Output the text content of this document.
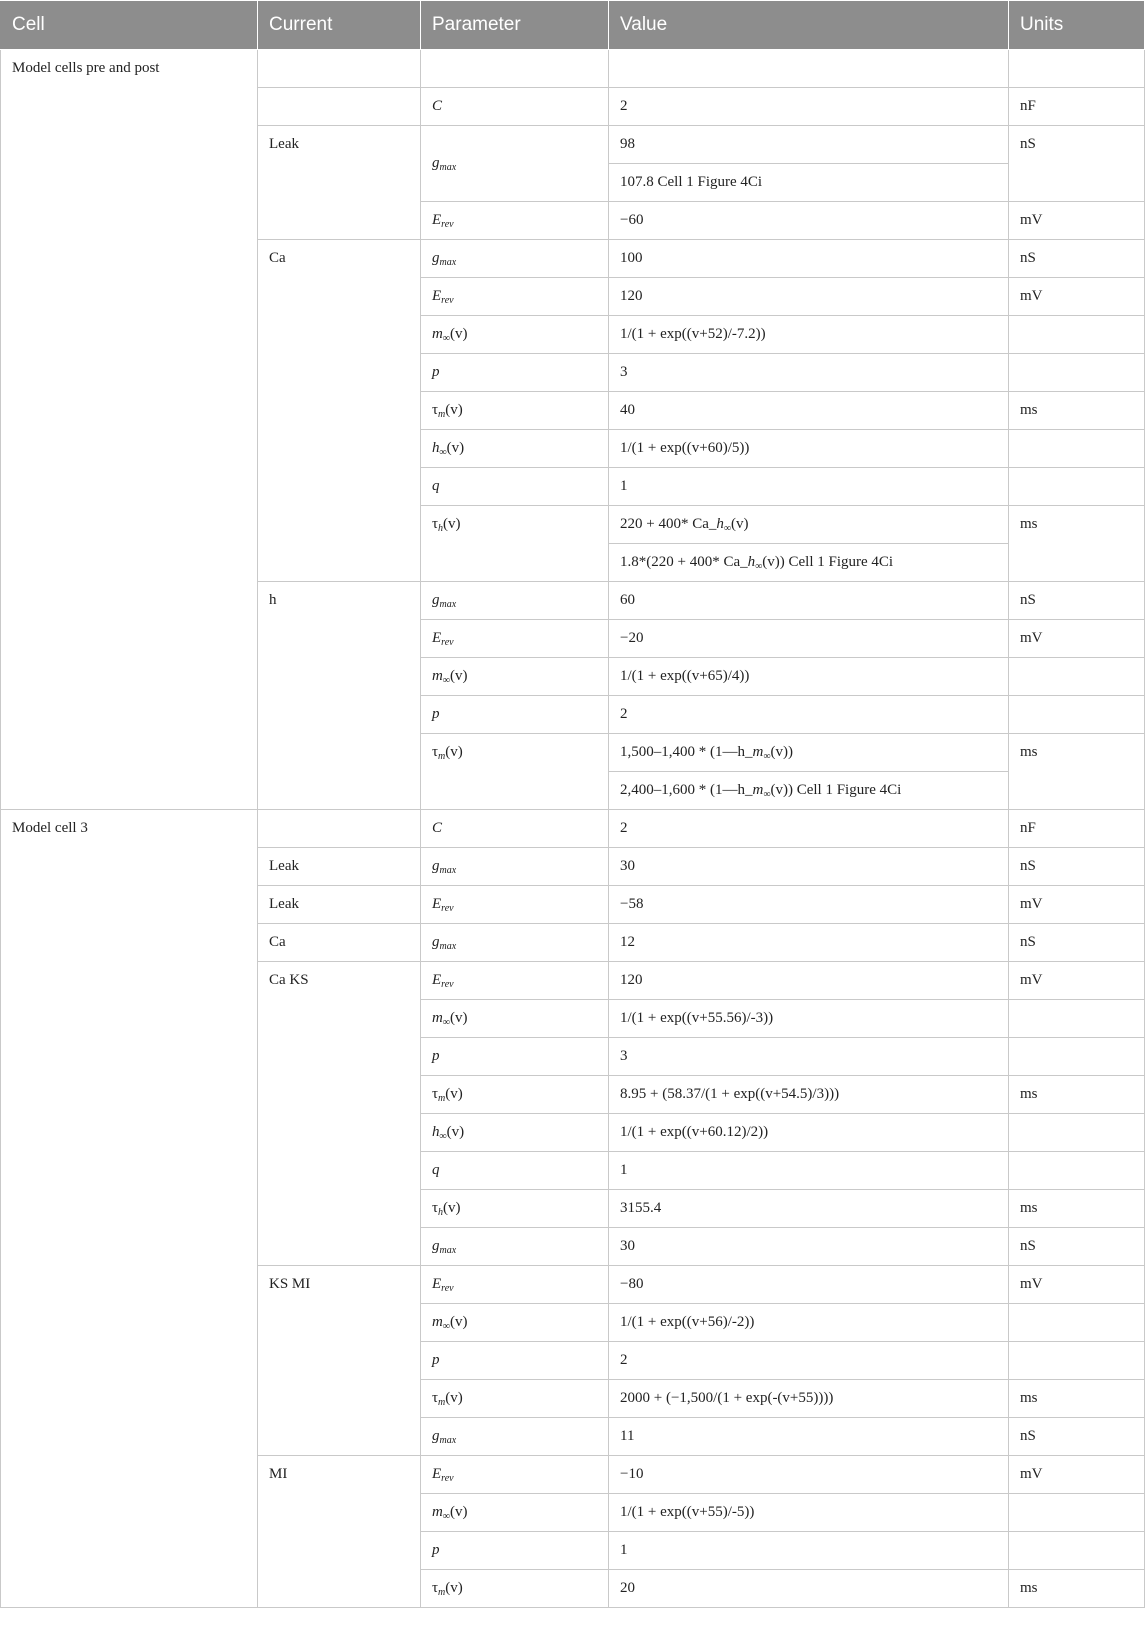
Cell	Current	Parameter	Value	Units
Model cells pre and post				
		C	2	nF
	Leak	$g_{max}$	98	nS
			107.8 Cell 1 Figure 4Ci	
		$E_{rev}$	−60	mV
	Ca	$g_{max}$	100	nS
		$E_{rev}$	120	mV
		$m_\infty(v)$	1/(1 + exp((v+52)/-7.2))	
		p	3	
		$\tau_m(v)$	40	ms
		$h_\infty(v)$	1/(1 + exp((v+60)/5))	
		q	1	
		$\tau_h(v)$	220 + 400* $Ca\_h_\infty(v)$	ms
			1.8*(220 + 400* $Ca\_h_\infty(v)$) Cell 1 Figure 4Ci	
	h	$g_{max}$	60	nS
		$E_{rev}$	−20	mV
		$m_\infty(v)$	1/(1 + exp((v+65)/4))	
		p	2	
		$\tau_m(v)$	$1,500-1,400 * (1—h\_m_\infty(v))$	ms
			$2,400-1,600 * (1—h\_m_\infty(v))$ Cell 1 Figure 4Ci	
Model cell 3		C	2	nF
	Leak	$g_{max}$	30	nS
	Leak	$E_{rev}$	−58	mV
	Ca	$g_{max}$	12	nS
	Ca KS	$E_{rev}$	120	mV
		$m_\infty(v)$	1/(1 + exp((v+55.56)/-3))	
		p	3	
		$\tau_m(v)$	8.95 + (58.37/(1 + exp((v+54.5)/3)))	ms
		$h_\infty(v)$	1/(1 + exp((v+60.12)/2))	
		q	1	
		$\tau_h(v)$	3155.4	ms
		$g_{max}$	30	nS
	KS MI	$E_{rev}$	−80	mV
		$m_\infty(v)$	1/(1 + exp((v+56)/-2))	
		p	2	
		$\tau_m(v)$	2000 + (−1,500/(1 + exp(-(v+55))))	ms
		$g_{max}$	11	nS
	MI	$E_{rev}$	−10	mV
		$m_\infty(v)$	1/(1 + exp((v+55)/-5))	
		p	1	
		$\tau_m(v)$	20	ms
